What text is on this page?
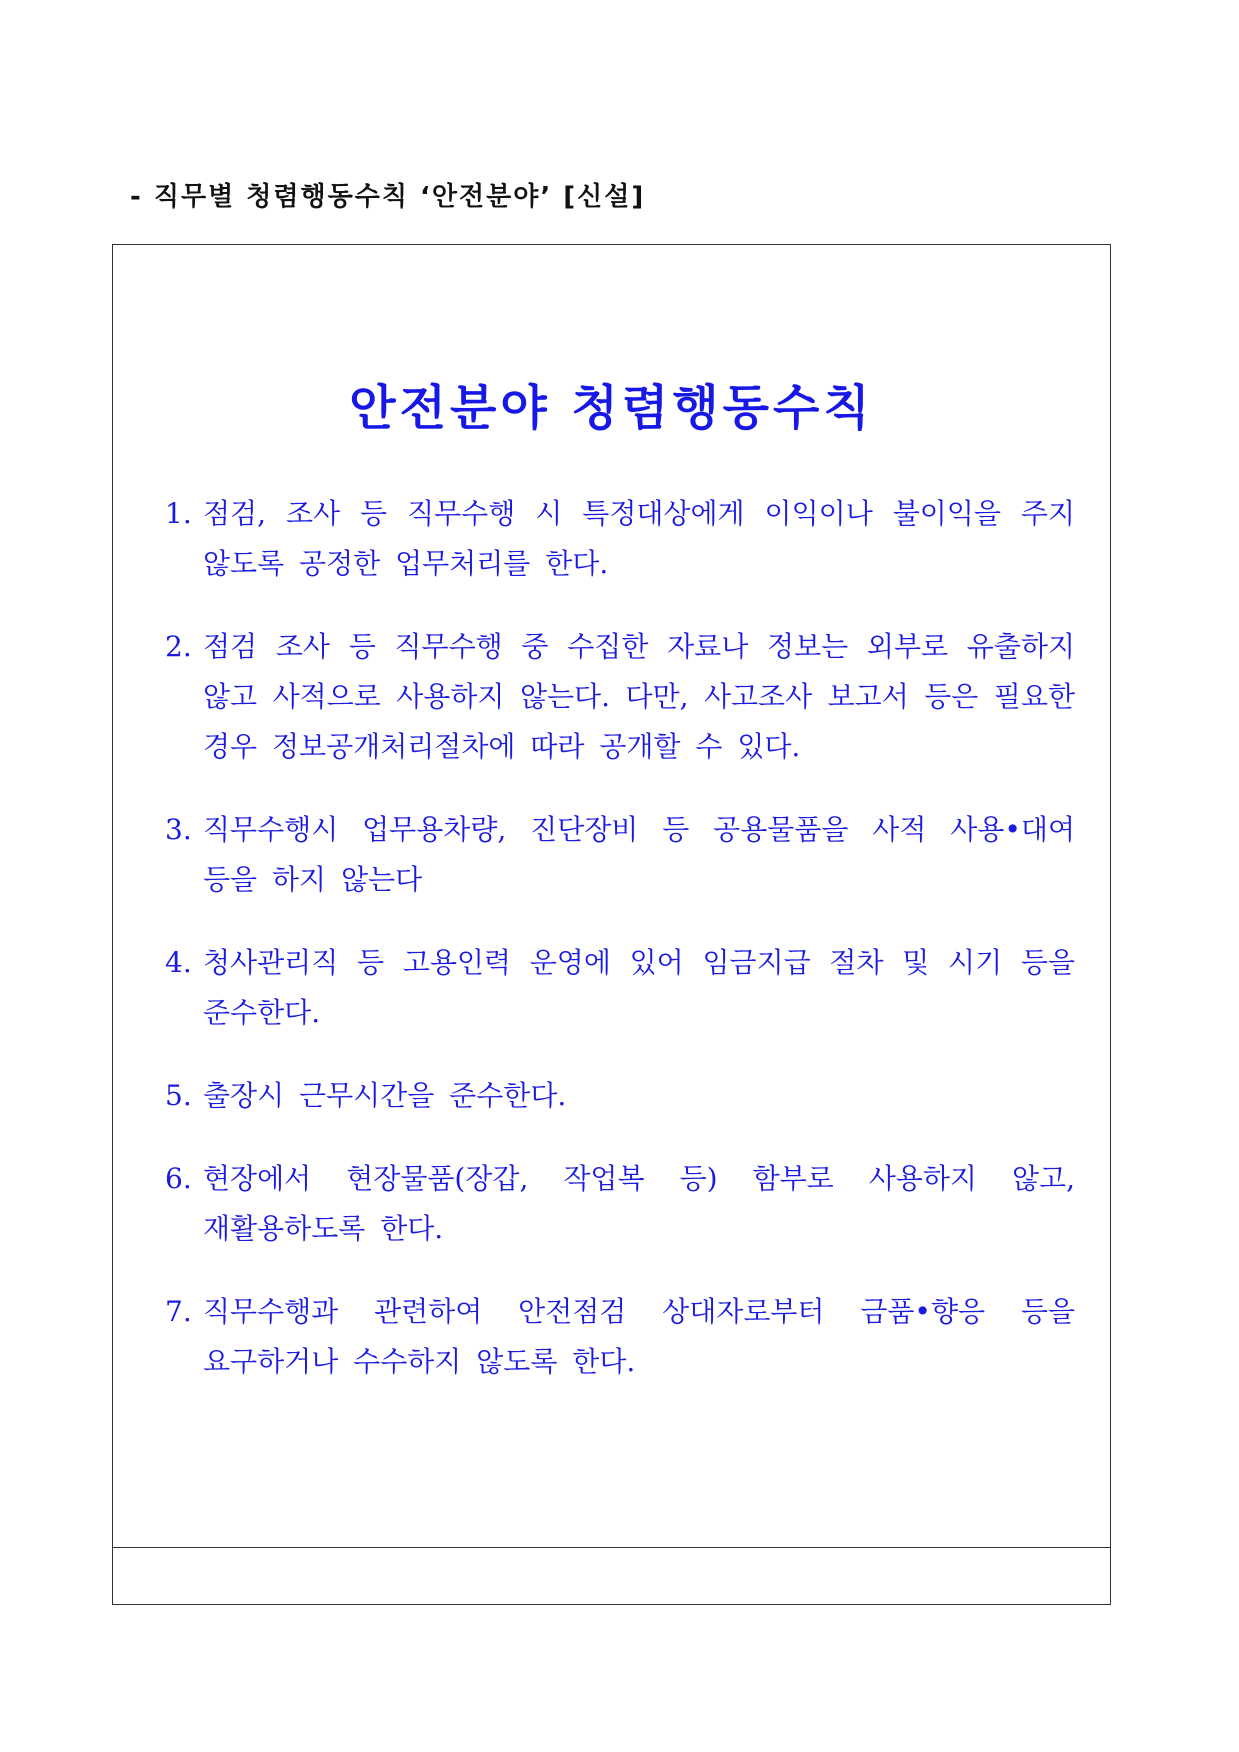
- 직무별 청렴행동수칙 ‘안전분야’ [신설]
안전분야 청렴행동수칙
1. 점검, 조사 등 직무수행 시 특정대상에게 이익이나 불이익을 주지 않도록 공정한 업무처리를 한다.
2. 점검 조사 등 직무수행 중 수집한 자료나 정보는 외부로 유출하지 않고 사적으로 사용하지 않는다. 다만, 사고조사 보고서 등은 필요한 경우 정보공개처리절차에 따라 공개할 수 있다.
3. 직무수행시 업무용차량, 진단장비 등 공용물품을 사적 사용•대여 등을 하지 않는다
4. 청사관리직 등 고용인력 운영에 있어 임금지급 절차 및 시기 등을 준수한다.
5. 출장시 근무시간을 준수한다.
6. 현장에서 현장물품(장갑, 작업복 등) 함부로 사용하지 않고, 재활용하도록 한다.
7. 직무수행과 관련하여 안전점검 상대자로부터 금품•향응 등을 요구하거나 수수하지 않도록 한다.
